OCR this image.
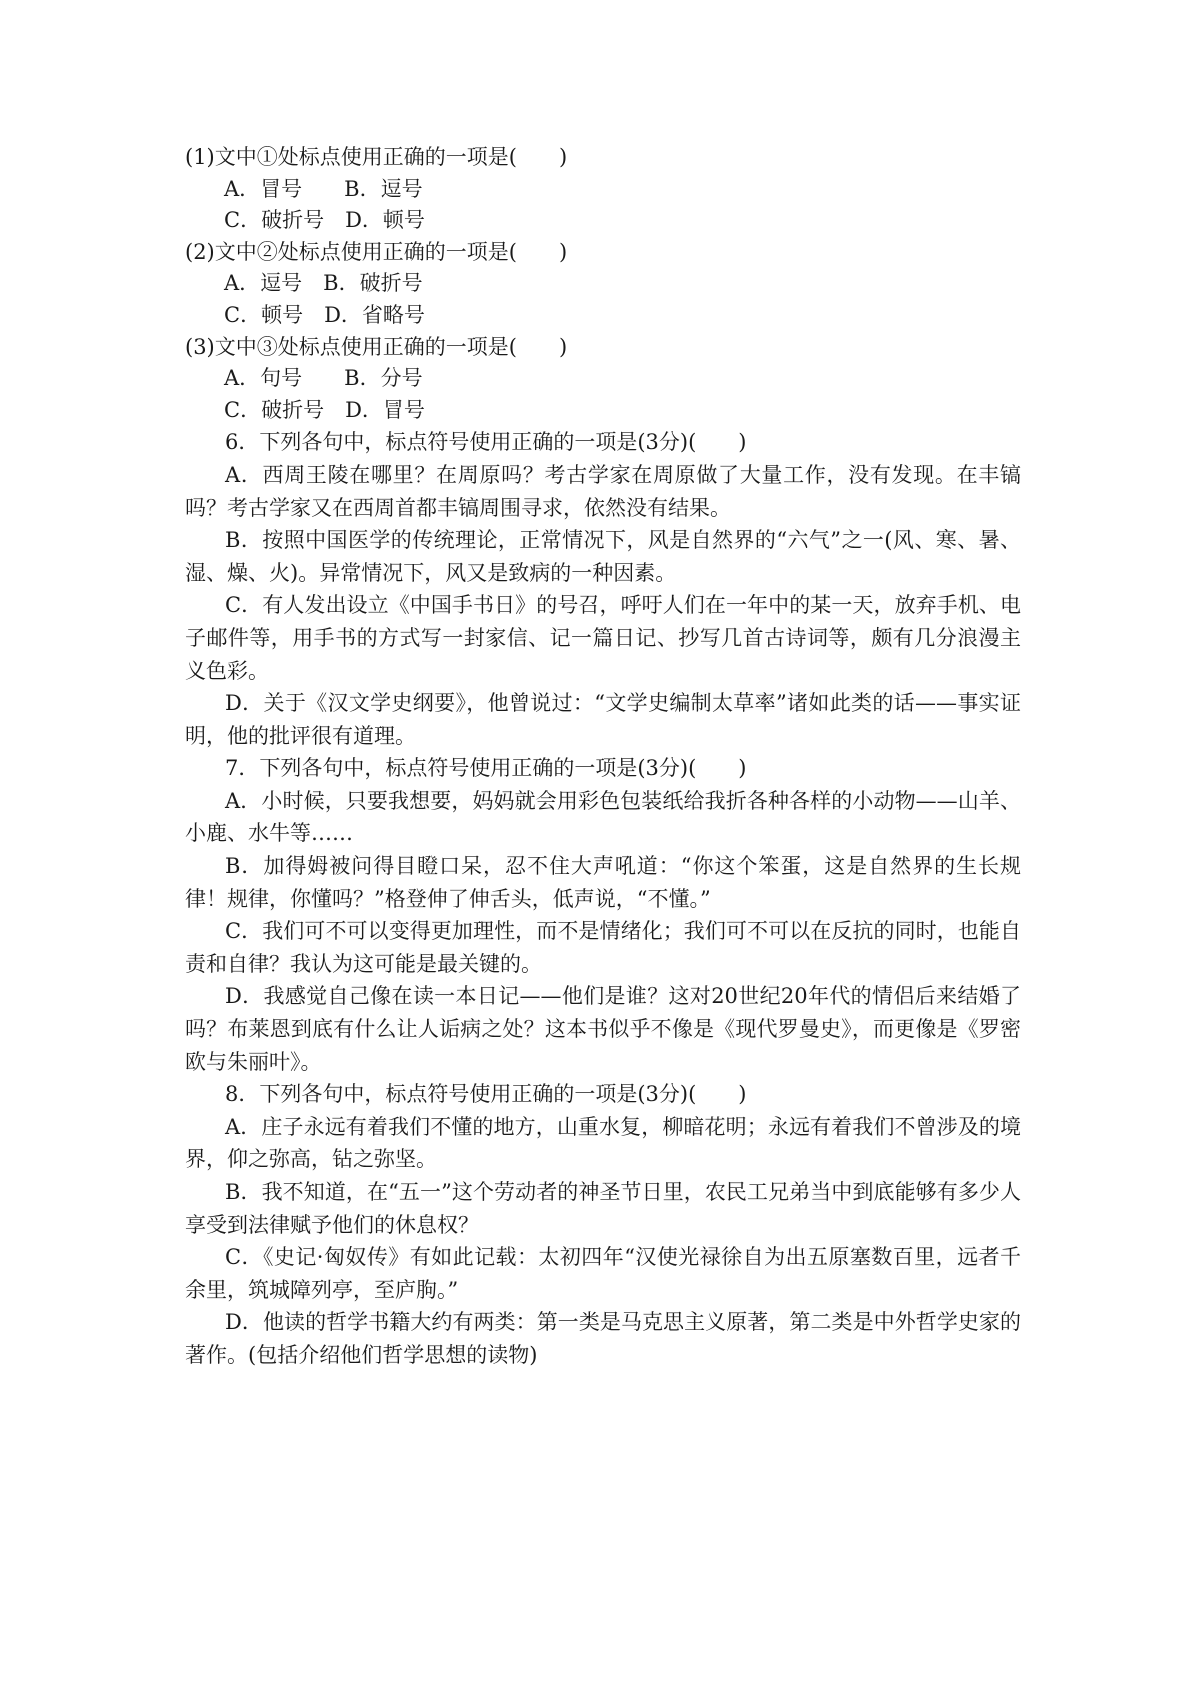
(1)文中①处标点使用正确的一项是(　　)

A．冒号　　B．逗号

C．破折号　D．顿号

(2)文中②处标点使用正确的一项是(　　)

A．逗号　B．破折号

C．顿号　D．省略号

(3)文中③处标点使用正确的一项是(　　)

A．句号　　B．分号

C．破折号　D．冒号

6．下列各句中，标点符号使用正确的一项是(3分)(　　)

A．西周王陵在哪里？在周原吗？考古学家在周原做了大量工作，没有发现。在丰镐吗？考古学家又在西周首都丰镐周围寻求，依然没有结果。

B．按照中国医学的传统理论，正常情况下，风是自然界的“六气”之一(风、寒、暑、湿、燥、火)。异常情况下，风又是致病的一种因素。

C．有人发出设立《中国手书日》的号召，呼吁人们在一年中的某一天，放弃手机、电子邮件等，用手书的方式写一封家信、记一篇日记、抄写几首古诗词等，颇有几分浪漫主义色彩。

D．关于《汉文学史纲要》，他曾说过：“文学史编制太草率”诸如此类的话——事实证明，他的批评很有道理。

7．下列各句中，标点符号使用正确的一项是(3分)(　　)

A．小时候，只要我想要，妈妈就会用彩色包装纸给我折各种各样的小动物——山羊、小鹿、水牛等……

B．加得姆被问得目瞪口呆，忍不住大声吼道：“你这个笨蛋，这是自然界的生长规律！规律，你懂吗？”格登伸了伸舌头，低声说，“不懂。”

C．我们可不可以变得更加理性，而不是情绪化；我们可不可以在反抗的同时，也能自责和自律？我认为这可能是最关键的。

D．我感觉自己像在读一本日记——他们是谁？这对20世纪20年代的情侣后来结婚了吗？布莱恩到底有什么让人诟病之处？这本书似乎不像是《现代罗曼史》，而更像是《罗密欧与朱丽叶》。

8．下列各句中，标点符号使用正确的一项是(3分)(　　)

A．庄子永远有着我们不懂的地方，山重水复，柳暗花明；永远有着我们不曾涉及的境界，仰之弥高，钻之弥坚。

B．我不知道，在“五一”这个劳动者的神圣节日里，农民工兄弟当中到底能够有多少人享受到法律赋予他们的休息权？

C．《史记·匈奴传》有如此记载：太初四年“汉使光禄徐自为出五原塞数百里，远者千余里，筑城障列亭，至庐朐。”

D．他读的哲学书籍大约有两类：第一类是马克思主义原著，第二类是中外哲学史家的著作。(包括介绍他们哲学思想的读物)
